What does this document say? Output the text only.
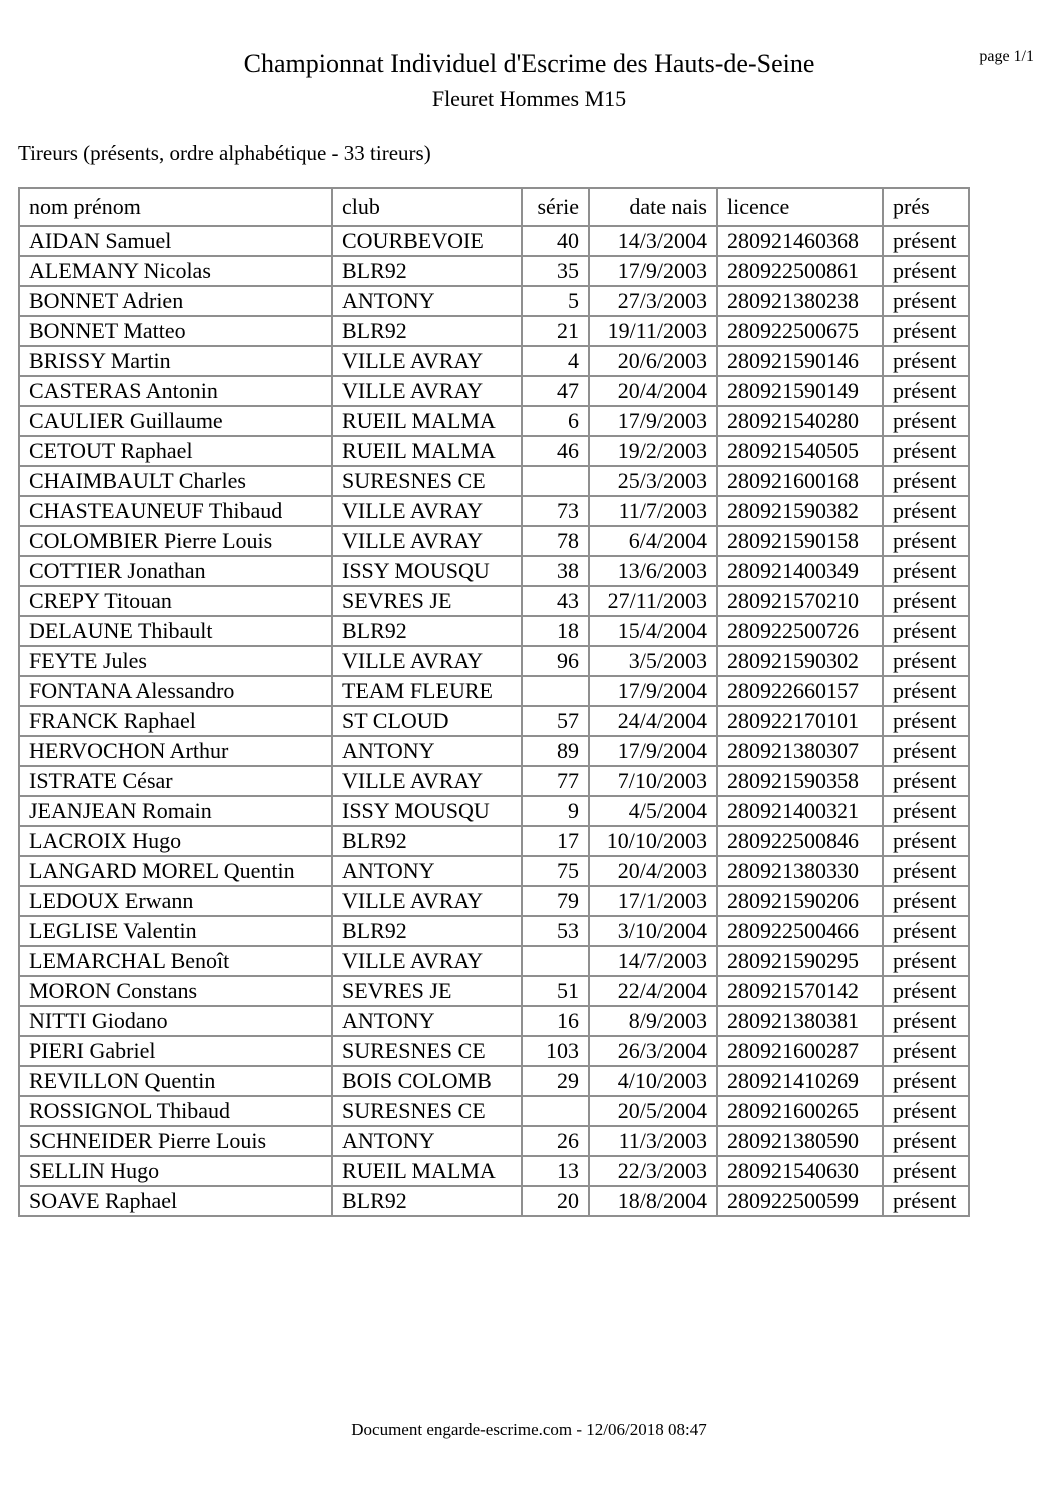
Championnat Individuel d'Escrime des Hauts-de-Seine	page 1/1
Fleuret Hommes M15
Tireurs (présents, ordre alphabétique - 33 tireurs)
nom prénom	club	série	date nais	licence	prés
AIDAN Samuel	COURBEVOIE	40	14/3/2004	280921460368	présent
ALEMANY Nicolas	BLR92	35	17/9/2003	280922500861	présent
BONNET Adrien	ANTONY	5	27/3/2003	280921380238	présent
BONNET Matteo	BLR92	21	19/11/2003	280922500675	présent
BRISSY Martin	VILLE AVRAY	4	20/6/2003	280921590146	présent
CASTERAS Antonin	VILLE AVRAY	47	20/4/2004	280921590149	présent
CAULIER Guillaume	RUEIL MALMA	6	17/9/2003	280921540280	présent
CETOUT Raphael	RUEIL MALMA	46	19/2/2003	280921540505	présent
CHAIMBAULT Charles	SURESNES CE		25/3/2003	280921600168	présent
CHASTEAUNEUF Thibaud	VILLE AVRAY	73	11/7/2003	280921590382	présent
COLOMBIER Pierre Louis	VILLE AVRAY	78	6/4/2004	280921590158	présent
COTTIER Jonathan	ISSY MOUSQU	38	13/6/2003	280921400349	présent
CREPY Titouan	SEVRES JE	43	27/11/2003	280921570210	présent
DELAUNE Thibault	BLR92	18	15/4/2004	280922500726	présent
FEYTE Jules	VILLE AVRAY	96	3/5/2003	280921590302	présent
FONTANA Alessandro	TEAM FLEURE		17/9/2004	280922660157	présent
FRANCK Raphael	ST CLOUD	57	24/4/2004	280922170101	présent
HERVOCHON Arthur	ANTONY	89	17/9/2004	280921380307	présent
ISTRATE César	VILLE AVRAY	77	7/10/2003	280921590358	présent
JEANJEAN Romain	ISSY MOUSQU	9	4/5/2004	280921400321	présent
LACROIX Hugo	BLR92	17	10/10/2003	280922500846	présent
LANGARD MOREL Quentin	ANTONY	75	20/4/2003	280921380330	présent
LEDOUX Erwann	VILLE AVRAY	79	17/1/2003	280921590206	présent
LEGLISE Valentin	BLR92	53	3/10/2004	280922500466	présent
LEMARCHAL Benoît	VILLE AVRAY		14/7/2003	280921590295	présent
MORON Constans	SEVRES JE	51	22/4/2004	280921570142	présent
NITTI Giodano	ANTONY	16	8/9/2003	280921380381	présent
PIERI Gabriel	SURESNES CE	103	26/3/2004	280921600287	présent
REVILLON Quentin	BOIS COLOMB	29	4/10/2003	280921410269	présent
ROSSIGNOL Thibaud	SURESNES CE		20/5/2004	280921600265	présent
SCHNEIDER Pierre Louis	ANTONY	26	11/3/2003	280921380590	présent
SELLIN Hugo	RUEIL MALMA	13	22/3/2003	280921540630	présent
SOAVE Raphael	BLR92	20	18/8/2004	280922500599	présent
Document engarde-escrime.com - 12/06/2018 08:47
